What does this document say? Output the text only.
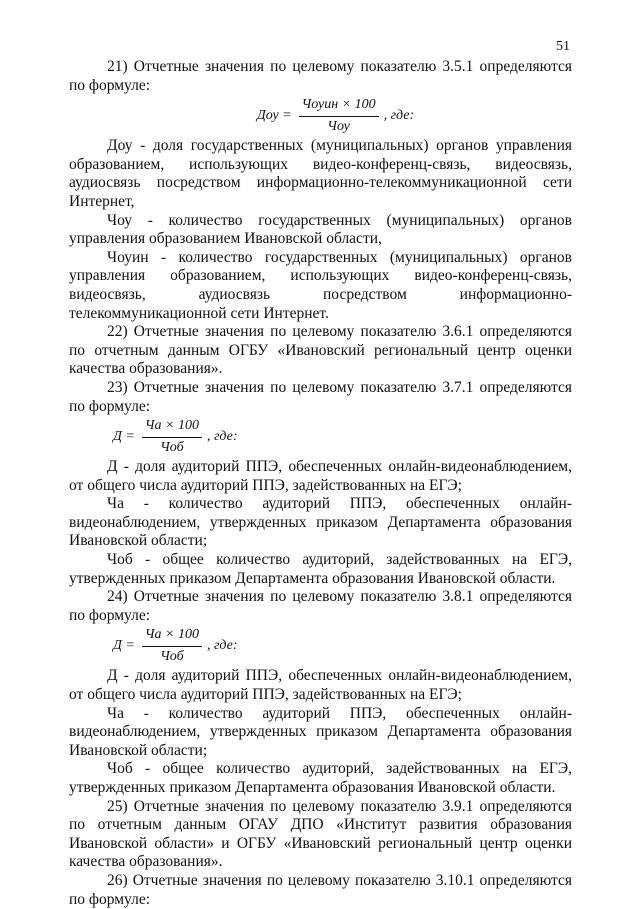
51

21) Отчетные значения по целевому показателю 3.5.1 определяются по формуле:

Доу = $\frac{\text{Чоуин × 100}}{\text{Чоу}}$ , где:

Доу - доля государственных (муниципальных) органов управления образованием, использующих видео-конференц-связь, видеосвязь, аудиосвязь посредством информационно-телекоммуникационной сети Интернет,

Чоу - количество государственных (муниципальных) органов управления образованием Ивановской области,

Чоуин - количество государственных (муниципальных) органов управления образованием, использующих видео-конференц-связь, видеосвязь, аудиосвязь посредством информационно-телекоммуникационной сети Интернет.

22) Отчетные значения по целевому показателю 3.6.1 определяются по отчетным данным ОГБУ «Ивановский региональный центр оценки качества образования».

23) Отчетные значения по целевому показателю 3.7.1 определяются по формуле:

$Д = \frac{Ча \times 100}{\text{Чоб}}$ , где:

Д - доля аудиторий ППЭ, обеспеченных онлайн-видеонаблюдением, от общего числа аудиторий ППЭ, задействованных на ЕГЭ;

Ча - количество аудиторий ППЭ, обеспеченных онлайн-видеонаблюдением, утвержденных приказом Департамента образования Ивановской области;

Чоб - общее количество аудиторий, задействованных на ЕГЭ, утвержденных приказом Департамента образования Ивановской области.

24) Отчетные значения по целевому показателю 3.8.1 определяются по формуле:

$Д = \frac{Ча \times 100}{\text{Чоб}}$ , где:

Д - доля аудиторий ППЭ, обеспеченных онлайн-видеонаблюдением, от общего числа аудиторий ППЭ, задействованных на ЕГЭ;

Ча - количество аудиторий ППЭ, обеспеченных онлайн-видеонаблюдением, утвержденных приказом Департамента образования Ивановской области;

Чоб - общее количество аудиторий, задействованных на ЕГЭ, утвержденных приказом Департамента образования Ивановской области.

25) Отчетные значения по целевому показателю 3.9.1 определяются по отчетным данным ОГАУ ДПО «Институт развития образования Ивановской области» и ОГБУ «Ивановский региональный центр оценки качества образования».

26) Отчетные значения по целевому показателю 3.10.1 определяются по формуле:
